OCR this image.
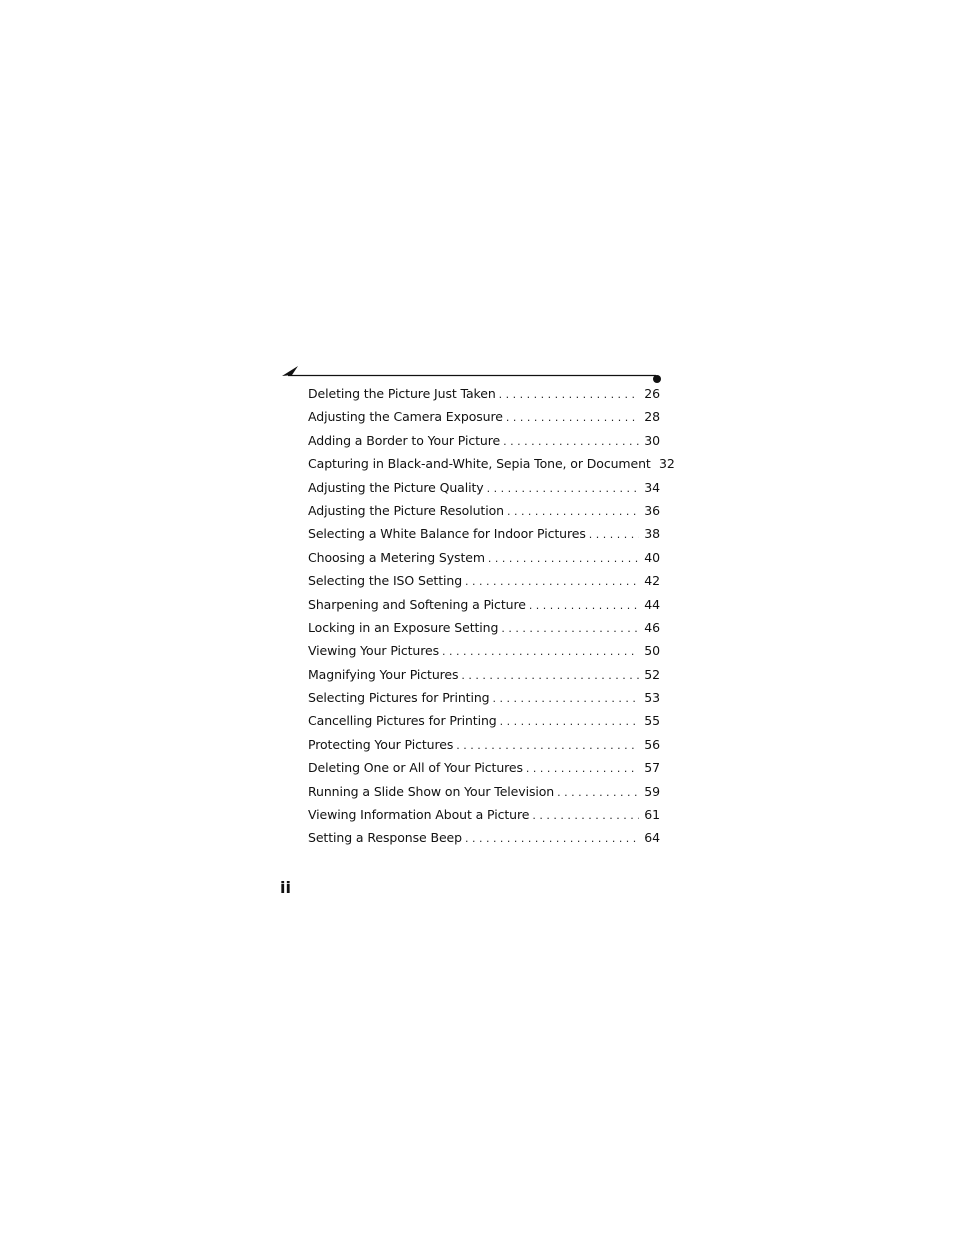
Deleting the Picture Just Taken . . .	26
Adjusting the Camera Exposure . . .	28
Adding a Border to Your Picture . . .	30
Capturing in Black-and-White, Sepia Tone, or Document 32
Adjusting the Picture Quality . . .	34
Adjusting the Picture Resolution . . .	36
Selecting a White Balance for Indoor Pictures . . .	38
Choosing a Metering System . . .	40
Selecting the ISO Setting . . .	42
Sharpening and Softening a Picture . . .	44
Locking in an Exposure Setting . . .	46
Viewing Your Pictures . . .	50
Magnifying Your Pictures . . .	52
Selecting Pictures for Printing . . .	53
Cancelling Pictures for Printing . . .	55
Protecting Your Pictures . . .	56
Deleting One or All of Your Pictures . . .	57
Running a Slide Show on Your Television . . .	59
Viewing Information About a Picture . . .	61
Setting a Response Beep . . .	64
ii
